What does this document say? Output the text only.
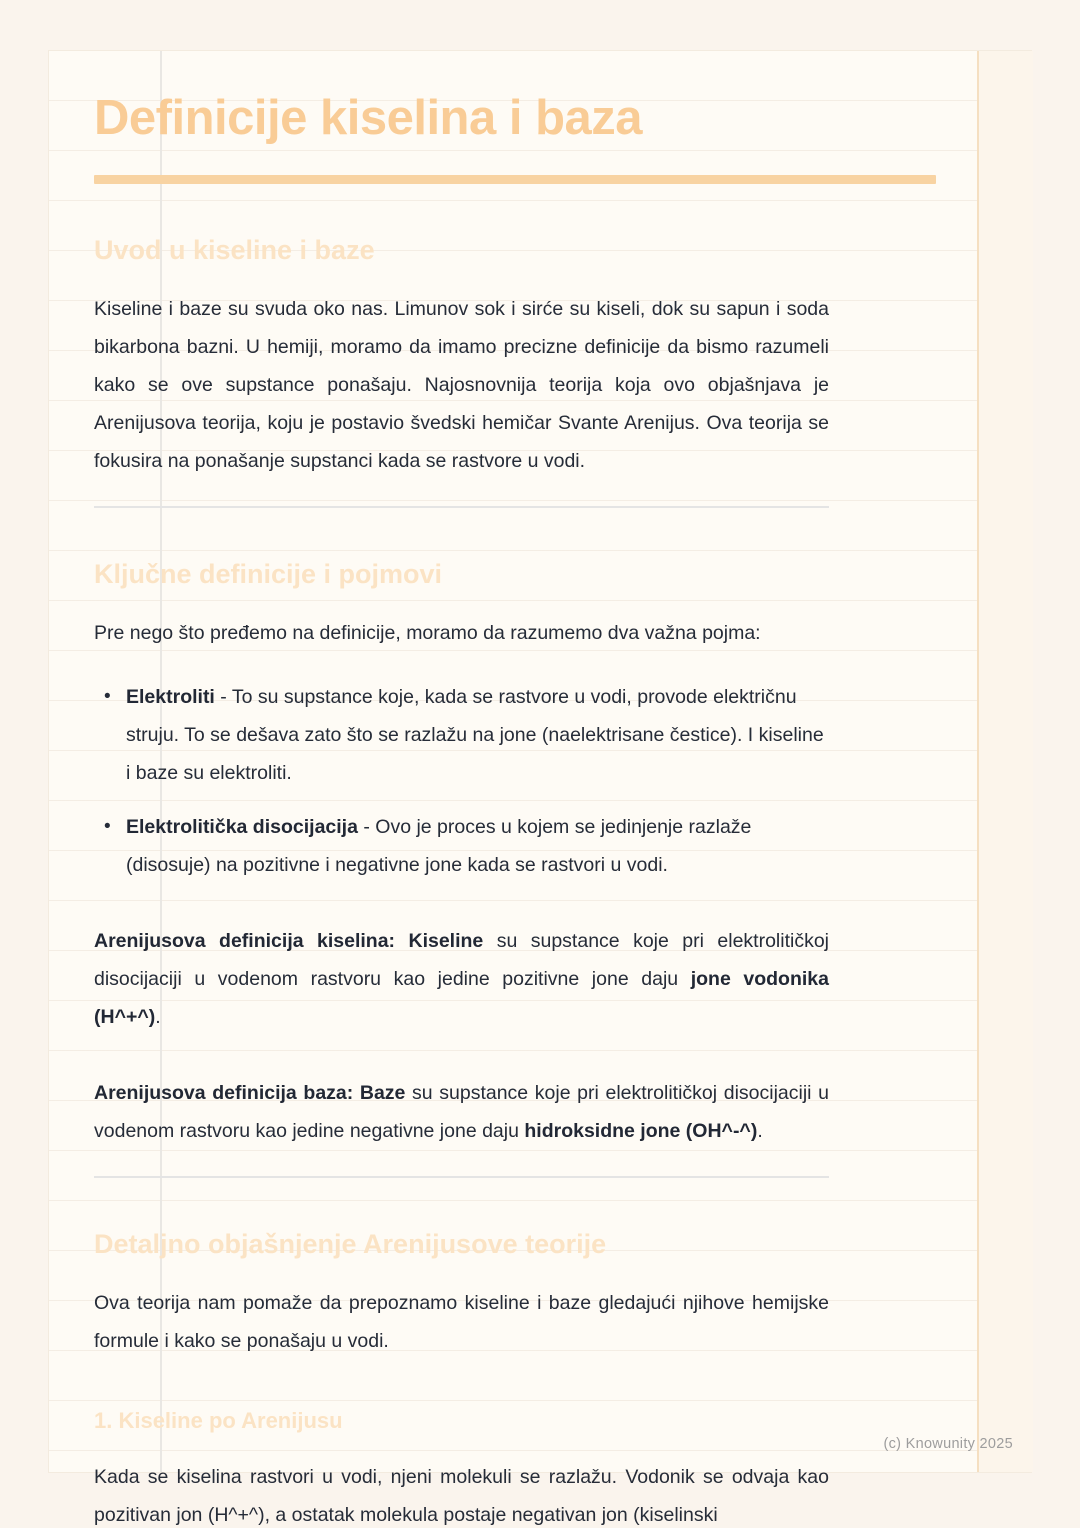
Definicije kiselina i baza
Uvod u kiseline i baze

Kiseline i baze su svuda oko nas. Limunov sok i sirće su kiseli, dok su sapun i soda bikarbona bazni. U hemiji, moramo da imamo precizne definicije da bismo razumeli kako se ove supstance ponašaju. Najosnovnija teorija koja ovo objašnjava je Arenijusova teorija, koju je postavio švedski hemičar Svante Arenijus. Ova teorija se fokusira na ponašanje supstanci kada se rastvore u vodi.

Ključne definicije i pojmovi

Pre nego što pređemo na definicije, moramo da razumemo dva važna pojma:

• Elektroliti - To su supstance koje, kada se rastvore u vodi, provode električnu struju. To se dešava zato što se razlažu na jone (naelektrisane čestice). I kiseline i baze su elektroliti.
• Elektrolitička disocijacija - Ovo je proces u kojem se jedinjenje razlaže (disosuje) na pozitivne i negativne jone kada se rastvori u vodi.

Arenijusova definicija kiselina: Kiseline su supstance koje pri elektrolitičkoj disocijaciji u vodenom rastvoru kao jedine pozitivne jone daju jone vodonika (H^+^).

Arenijusova definicija baza: Baze su supstance koje pri elektrolitičkoj disocijaciji u vodenom rastvoru kao jedine negativne jone daju hidroksidne jone (OH^-^).

Detaljno objašnjenje Arenijusove teorije

Ova teorija nam pomaže da prepoznamo kiseline i baze gledajući njihove hemijske formule i kako se ponašaju u vodi.

1. Kiseline po Arenijusu

Kada se kiselina rastvori u vodi, njeni molekuli se razlažu. Vodonik se odvaja kao pozitivan jon (H^+^), a ostatak molekula postaje negativan jon (kiselinski

(c) Knowunity 2025
